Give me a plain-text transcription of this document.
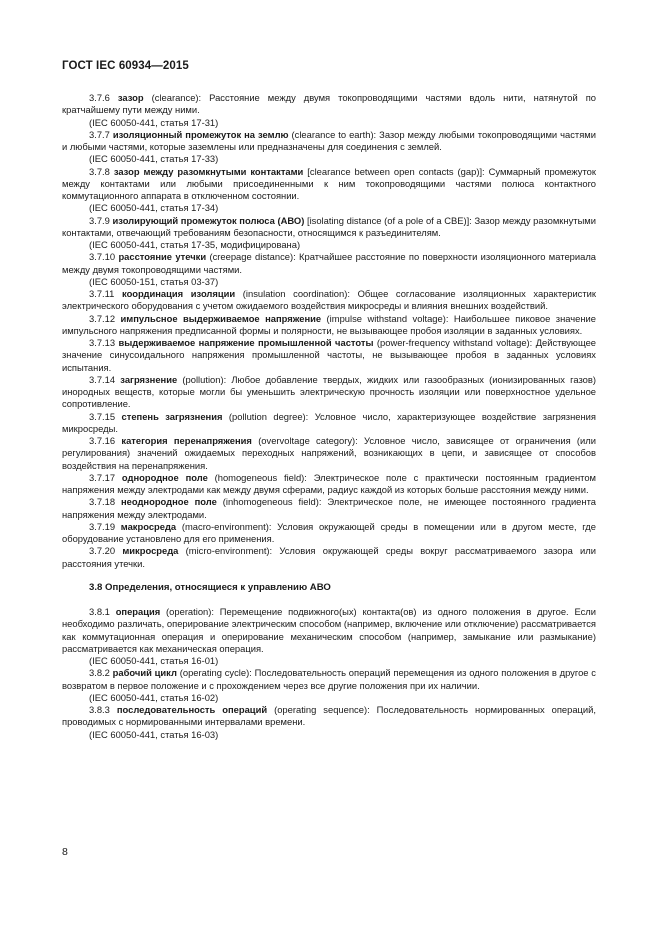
ГОСТ IEC 60934—2015

3.7.6 зазор (clearance): Расстояние между двумя токопроводящими частями вдоль нити, натянутой по кратчайшему пути между ними.

(IEC 60050-441, статья 17-31)

3.7.7 изоляционный промежуток на землю (clearance to earth): Зазор между любыми токопроводящими частями и любыми частями, которые заземлены или предназначены для соединения с землей.

(IEC 60050-441, статья 17-33)

3.7.8 зазор между разомкнутыми контактами [clearance between open contacts (gap)]: Суммарный промежуток между контактами или любыми присоединенными к ним токопроводящими частями полюса контактного коммутационного аппарата в отключенном состоянии.

(IEC 60050-441, статья 17-34)

3.7.9 изолирующий промежуток полюса (АВО) [isolating distance (of a pole of a CBE)]: Зазор между разомкнутыми контактами, отвечающий требованиям безопасности, относящимся к разъединителям.

(IEC 60050-441, статья 17-35, модифицирована)

3.7.10 расстояние утечки (creepage distance): Кратчайшее расстояние по поверхности изоляционного материала между двумя токопроводящими частями.

(IEC 60050-151, статья 03-37)

3.7.11 координация изоляции (insulation coordination): Общее согласование изоляционных характеристик электрического оборудования с учетом ожидаемого воздействия микросреды и влияния внешних воздействий.

3.7.12 импульсное выдерживаемое напряжение (impulse withstand voltage): Наибольшее пиковое значение импульсного напряжения предписанной формы и полярности, не вызывающее пробоя изоляции в заданных условиях.

3.7.13 выдерживаемое напряжение промышленной частоты (power-frequency withstand voltage): Действующее значение синусоидального напряжения промышленной частоты, не вызывающее пробоя в заданных условиях испытания.

3.7.14 загрязнение (pollution): Любое добавление твердых, жидких или газообразных (ионизированных газов) инородных веществ, которые могли бы уменьшить электрическую прочность изоляции или поверхностное удельное сопротивление.

3.7.15 степень загрязнения (pollution degree): Условное число, характеризующее воздействие загрязнения микросреды.

3.7.16 категория перенапряжения (overvoltage category): Условное число, зависящее от ограничения (или регулирования) значений ожидаемых переходных напряжений, возникающих в цепи, и зависящее от способов воздействия на перенапряжения.

3.7.17 однородное поле (homogeneous field): Электрическое поле с практически постоянным градиентом напряжения между электродами как между двумя сферами, радиус каждой из которых больше расстояния между ними.

3.7.18 неоднородное поле (inhomogeneous field): Электрическое поле, не имеющее постоянного градиента напряжения между электродами.

3.7.19 макросреда (macro-environment): Условия окружающей среды в помещении или в другом месте, где оборудование установлено для его применения.

3.7.20 микросреда (micro-environment): Условия окружающей среды вокруг рассматриваемого зазора или расстояния утечки.

3.8 Определения, относящиеся к управлению АВО

3.8.1 операция (operation): Перемещение подвижного(ых) контакта(ов) из одного положения в другое. Если необходимо различать, оперирование электрическим способом (например, включение или отключение) рассматривается как коммутационная операция и оперирование механическим способом (например, замыкание или размыкание) рассматривается как механическая операция.

(IEC 60050-441, статья 16-01)

3.8.2 рабочий цикл (operating cycle): Последовательность операций перемещения из одного положения в другое с возвратом в первое положение и с прохождением через все другие положения при их наличии.

(IEC 60050-441, статья 16-02)

3.8.3 последовательность операций (operating sequence): Последовательность нормированных операций, проводимых с нормированными интервалами времени.

(IEC 60050-441, статья 16-03)

8
